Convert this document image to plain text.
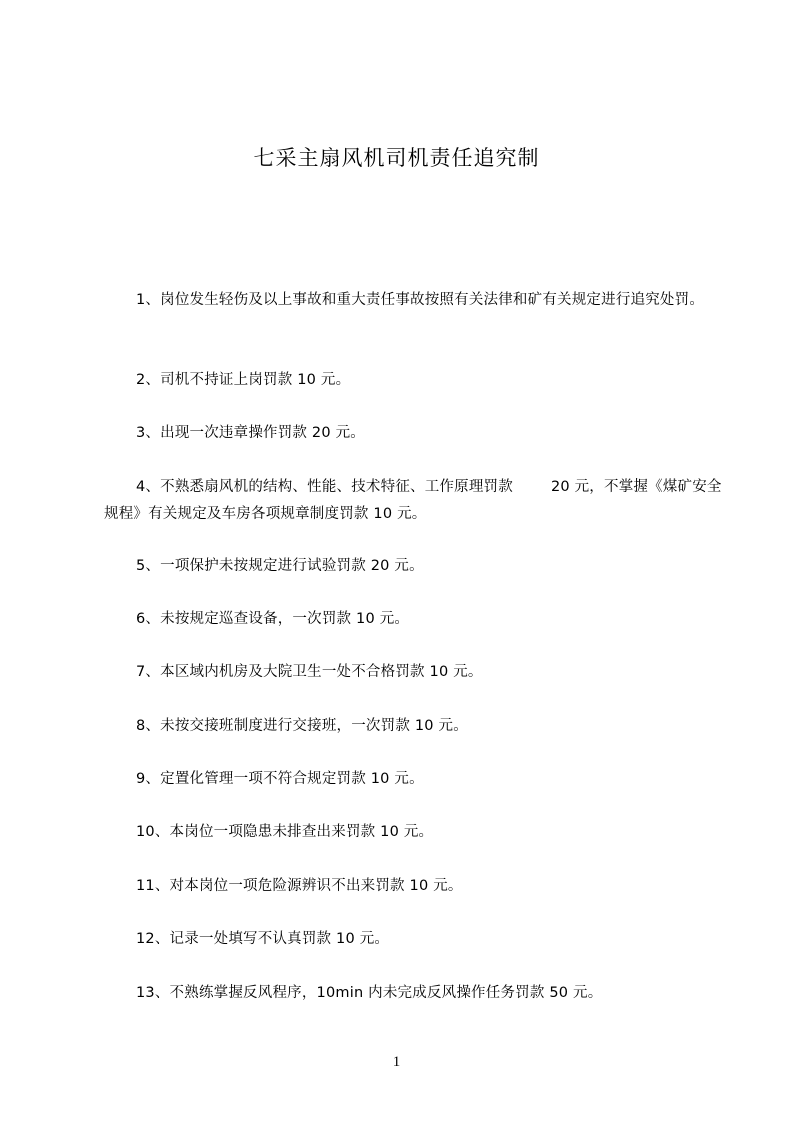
七采主扇风机司机责任追究制
1、岗位发生轻伤及以上事故和重大责任事故按照有关法律和矿有关规定进行追究处罚。
2、司机不持证上岗罚款 10 元。
3、出现一次违章操作罚款 20 元。
4、不熟悉扇风机的结构、性能、技术特征、工作原理罚款	20 元，不掌握《煤矿安全规程》有关规定及车房各项规章制度罚款 10 元。
5、一项保护未按规定进行试验罚款 20 元。
6、未按规定巡查设备，一次罚款 10 元。
7、本区域内机房及大院卫生一处不合格罚款 10 元。
8、未按交接班制度进行交接班，一次罚款 10 元。
9、定置化管理一项不符合规定罚款 10 元。
10、本岗位一项隐患未排查出来罚款 10 元。
11、对本岗位一项危险源辨识不出来罚款 10 元。
12、记录一处填写不认真罚款 10 元。
13、不熟练掌握反风程序，10min 内未完成反风操作任务罚款 50 元。
1
